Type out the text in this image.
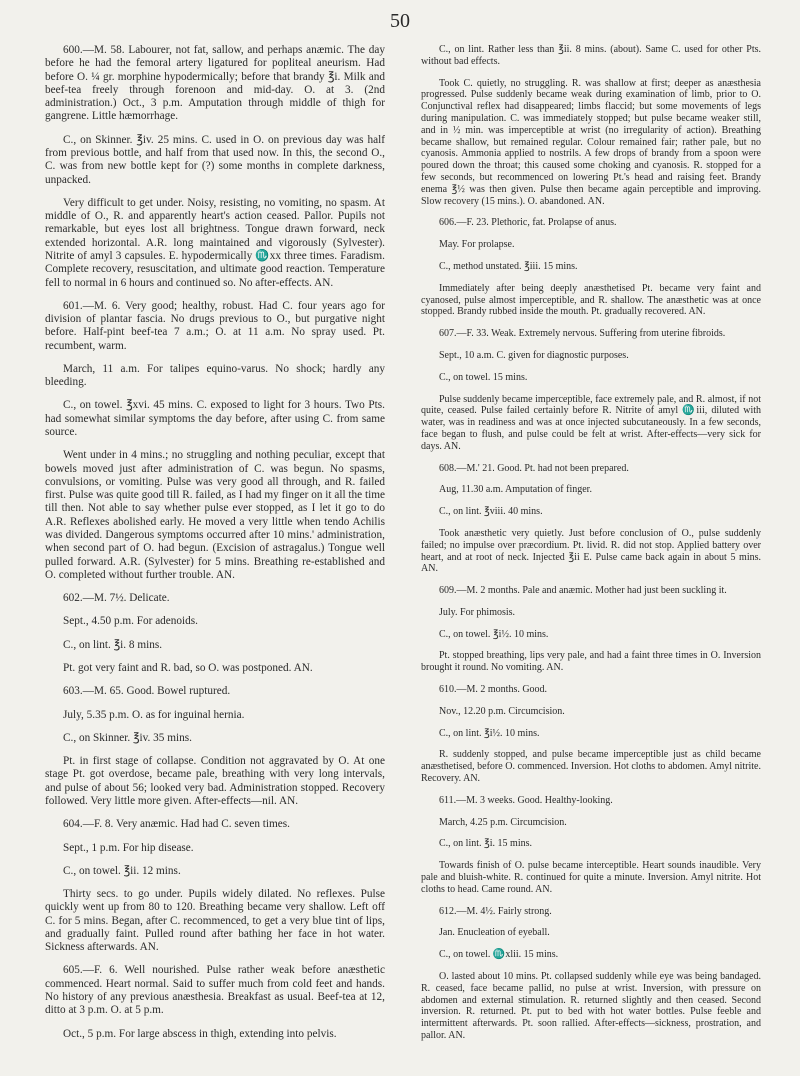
50

600.—M. 58. Labourer, not fat, sallow, and perhaps anæmic. The day before he had the femoral artery ligatured for popliteal aneurism. Had before O. ¼ gr. morphine hypodermically; before that brandy ℥i. Milk and beef-tea freely through forenoon and mid-day. O. at 3. (2nd administration.) Oct., 3 p.m. Amputation through middle of thigh for gangrene. Little hæmorrhage.

C., on Skinner. ℥iv. 25 mins. C. used in O. on previous day was half from previous bottle, and half from that used now. In this, the second O., C. was from new bottle kept for (?) some months in complete darkness, unpacked.

Very difficult to get under. Noisy, resisting, no vomiting, no spasm. At middle of O., R. and apparently heart's action ceased. Pallor. Pupils not remarkable, but eyes lost all brightness. Tongue drawn forward, neck extended horizontal. A.R. long maintained and vigorously (Sylvester). Nitrite of amyl 3 capsules. E. hypodermically ♏xx three times. Faradism. Complete recovery, resuscitation, and ultimate good reaction. Temperature fell to normal in 6 hours and continued so. No after-effects. AN.

601.—M. 6. Very good; healthy, robust. Had C. four years ago for division of plantar fascia. No drugs previous to O., but purgative night before. Half-pint beef-tea 7 a.m.; O. at 11 a.m. No spray used. Pt. recumbent, warm.

March, 11 a.m. For talipes equino-varus. No shock; hardly any bleeding.

C., on towel. ℥xvi. 45 mins. C. exposed to light for 3 hours. Two Pts. had somewhat similar symptoms the day before, after using C. from same source.

Went under in 4 mins.; no struggling and nothing peculiar, except that bowels moved just after administration of C. was begun. No spasms, convulsions, or vomiting. Pulse was very good all through, and R. failed first. Pulse was quite good till R. failed, as I had my finger on it all the time till then. Not able to say whether pulse ever stopped, as I let it go to do A.R. Reflexes abolished early. He moved a very little when tendo Achilis was divided. Dangerous symptoms occurred after 10 mins.' administration, when second part of O. had begun. (Excision of astragalus.) Tongue well pulled forward. A.R. (Sylvester) for 5 mins. Breathing re-established and O. completed without further trouble. AN.

602.—M. 7½. Delicate.

Sept., 4.50 p.m. For adenoids.

C., on lint. ℥i. 8 mins.

Pt. got very faint and R. bad, so O. was postponed. AN.

603.—M. 65. Good. Bowel ruptured.

July, 5.35 p.m. O. as for inguinal hernia.

C., on Skinner. ℥iv. 35 mins.

Pt. in first stage of collapse. Condition not aggravated by O. At one stage Pt. got overdose, became pale, breathing with very long intervals, and pulse of about 56; looked very bad. Administration stopped. Recovery followed. Very little more given. After-effects—nil. AN.

604.—F. 8. Very anæmic. Had had C. seven times.

Sept., 1 p.m. For hip disease.

C., on towel. ℥ii. 12 mins.

Thirty secs. to go under. Pupils widely dilated. No reflexes. Pulse quickly went up from 80 to 120. Breathing became very shallow. Left off C. for 5 mins. Began, after C. recommenced, to get a very blue tint of lips, and gradually faint. Pulled round after bathing her face in hot water. Sickness afterwards. AN.

605.—F. 6. Well nourished. Pulse rather weak before anæsthetic commenced. Heart normal. Said to suffer much from cold feet and hands. No history of any previous anæsthesia. Breakfast as usual. Beef-tea at 12, ditto at 3 p.m. O. at 5 p.m.

Oct., 5 p.m. For large abscess in thigh, extending into pelvis.

C., on lint. Rather less than ℥ii. 8 mins. (about). Same C. used for other Pts. without bad effects.

Took C. quietly, no struggling. R. was shallow at first; deeper as anæsthesia progressed. Pulse suddenly became weak during examination of limb, prior to O. Conjunctival reflex had disappeared; limbs flaccid; but some movements of legs during manipulation. C. was immediately stopped; but pulse became weaker still, and in ½ min. was imperceptible at wrist (no irregularity of action). Breathing became shallow, but remained regular. Colour remained fair; rather pale, but no cyanosis. Ammonia applied to nostrils. A few drops of brandy from a spoon were poured down the throat; this caused some choking and cyanosis. R. stopped for a few seconds, but recommenced on lowering Pt.'s head and raising feet. Brandy enema ℥½ was then given. Pulse then became again perceptible and improving. Slow recovery (15 mins.). O. abandoned. AN.

606.—F. 23. Plethoric, fat. Prolapse of anus.

May. For prolapse.

C., method unstated. ℥iii. 15 mins.

Immediately after being deeply anæsthetised Pt. became very faint and cyanosed, pulse almost imperceptible, and R. shallow. The anæsthetic was at once stopped. Brandy rubbed inside the mouth. Pt. gradually recovered. AN.

607.—F. 33. Weak. Extremely nervous. Suffering from uterine fibroids.

Sept., 10 a.m. C. given for diagnostic purposes.

C., on towel. 15 mins.

Pulse suddenly became imperceptible, face extremely pale, and R. almost, if not quite, ceased. Pulse failed certainly before R. Nitrite of amyl ♏iii, diluted with water, was in readiness and was at once injected subcutaneously. In a few seconds, face began to flush, and pulse could be felt at wrist. After-effects—very sick for days. AN.

608.—M.' 21. Good. Pt. had not been prepared.

Aug, 11.30 a.m. Amputation of finger.

C., on lint. ℥viii. 40 mins.

Took anæsthetic very quietly. Just before conclusion of O., pulse suddenly failed; no impulse over præcordium. Pt. livid. R. did not stop. Applied battery over heart, and at root of neck. Injected ℥ii E. Pulse came back again in about 5 mins. AN.

609.—M. 2 months. Pale and anæmic. Mother had just been suckling it.

July. For phimosis.

C., on towel. ℥i½. 10 mins.

Pt. stopped breathing, lips very pale, and had a faint three times in O. Inversion brought it round. No vomiting. AN.

610.—M. 2 months. Good.

Nov., 12.20 p.m. Circumcision.

C., on lint. ℥i½. 10 mins.

R. suddenly stopped, and pulse became imperceptible just as child became anæsthetised, before O. commenced. Inversion. Hot cloths to abdomen. Amyl nitrite. Recovery. AN.

611.—M. 3 weeks. Good. Healthy-looking.

March, 4.25 p.m. Circumcision.

C., on lint. ℥i. 15 mins.

Towards finish of O. pulse became interceptible. Heart sounds inaudible. Very pale and bluish-white. R. continued for quite a minute. Inversion. Amyl nitrite. Hot cloths to head. Came round. AN.

612.—M. 4½. Fairly strong.

Jan. Enucleation of eyeball.

C., on towel. ♏xlii. 15 mins.

O. lasted about 10 mins. Pt. collapsed suddenly while eye was being bandaged. R. ceased, face became pallid, no pulse at wrist. Inversion, with pressure on abdomen and external stimulation. R. returned slightly and then ceased. Second inversion. R. returned. Pt. put to bed with hot water bottles. Pulse feeble and intermittent afterwards. Pt. soon rallied. After-effects—sickness, prostration, and pallor. AN.
